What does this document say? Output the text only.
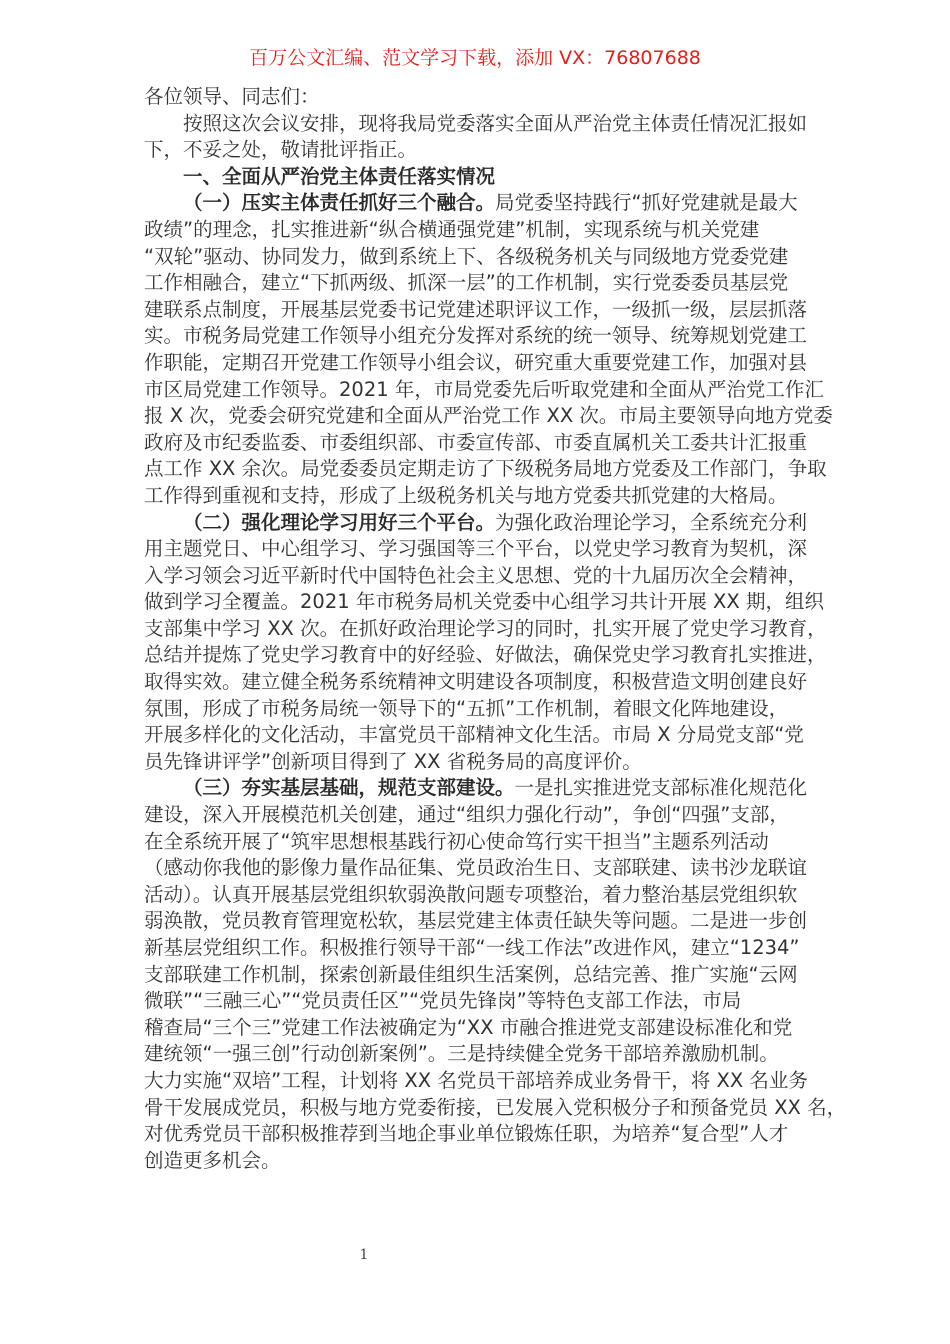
百万公文汇编、范文学习下载，添加 VX：76807688
各位领导、同志们：
按照这次会议安排，现将我局党委落实全面从严治党主体责任情况汇报如
下，不妥之处，敬请批评指正。
一、全面从严治党主体责任落实情况
（一）压实主体责任抓好三个融合。局党委坚持践行“抓好党建就是最大
政绩”的理念，扎实推进新“纵合横通强党建”机制，实现系统与机关党建
“双轮”驱动、协同发力，做到系统上下、各级税务机关与同级地方党委党建
工作相融合，建立“下抓两级、抓深一层”的工作机制，实行党委委员基层党
建联系点制度，开展基层党委书记党建述职评议工作，一级抓一级，层层抓落
实。市税务局党建工作领导小组充分发挥对系统的统一领导、统筹规划党建工
作职能，定期召开党建工作领导小组会议，研究重大重要党建工作，加强对县
市区局党建工作领导。2021 年，市局党委先后听取党建和全面从严治党工作汇
报 X 次，党委会研究党建和全面从严治党工作 XX 次。市局主要领导向地方党委
政府及市纪委监委、市委组织部、市委宣传部、市委直属机关工委共计汇报重
点工作 XX 余次。局党委委员定期走访了下级税务局地方党委及工作部门，争取
工作得到重视和支持，形成了上级税务机关与地方党委共抓党建的大格局。
（二）强化理论学习用好三个平台。为强化政治理论学习，全系统充分利
用主题党日、中心组学习、学习强国等三个平台，以党史学习教育为契机，深
入学习领会习近平新时代中国特色社会主义思想、党的十九届历次全会精神，
做到学习全覆盖。2021 年市税务局机关党委中心组学习共计开展 XX 期，组织
支部集中学习 XX 次。在抓好政治理论学习的同时，扎实开展了党史学习教育，
总结并提炼了党史学习教育中的好经验、好做法，确保党史学习教育扎实推进，
取得实效。建立健全税务系统精神文明建设各项制度，积极营造文明创建良好
氛围，形成了市税务局统一领导下的“五抓”工作机制，着眼文化阵地建设，
开展多样化的文化活动，丰富党员干部精神文化生活。市局 X 分局党支部“党
员先锋讲评学”创新项目得到了 XX 省税务局的高度评价。
（三）夯实基层基础，规范支部建设。一是扎实推进党支部标准化规范化
建设，深入开展模范机关创建，通过“组织力强化行动”，争创“四强”支部，
在全系统开展了“筑牢思想根基践行初心使命笃行实干担当”主题系列活动
（感动你我他的影像力量作品征集、党员政治生日、支部联建、读书沙龙联谊
活动）。认真开展基层党组织软弱涣散问题专项整治，着力整治基层党组织软
弱涣散，党员教育管理宽松软，基层党建主体责任缺失等问题。二是进一步创
新基层党组织工作。积极推行领导干部“一线工作法”改进作风，建立“1234”
支部联建工作机制，探索创新最佳组织生活案例，总结完善、推广实施“云网
微联”“三融三心”“党员责任区”“党员先锋岗”等特色支部工作法，市局
稽查局“三个三”党建工作法被确定为“XX 市融合推进党支部建设标准化和党
建统领“一强三创”行动创新案例”。三是持续健全党务干部培养激励机制。
大力实施“双培”工程，计划将 XX 名党员干部培养成业务骨干，将 XX 名业务
骨干发展成党员，积极与地方党委衔接，已发展入党积极分子和预备党员 XX 名，
对优秀党员干部积极推荐到当地企事业单位锻炼任职，为培养“复合型”人才
创造更多机会。
1
